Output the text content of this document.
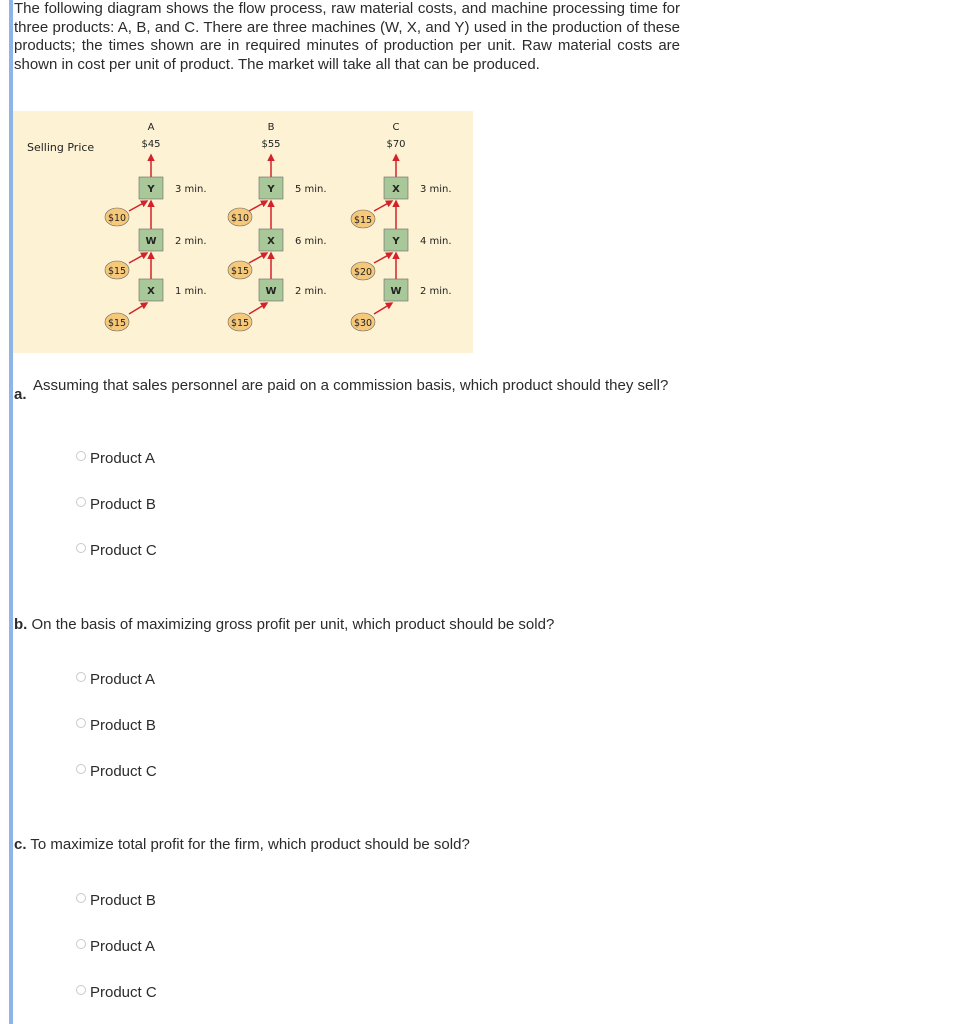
The following diagram shows the flow process, raw material costs, and machine processing time for three products: A, B, and C. There are three machines (W, X, and Y) used in the production of these products; the times shown are in required minutes of production per unit. Raw material costs are shown in cost per unit of product. The market will take all that can be produced.
Selling Price
A
$45
Y 3 min.
W 2 min.
X 1 min.
$10
$15
$15
B
$55
Y 5 min.
X 6 min.
W 2 min.
$10
$15
$15
C
$70
X 3 min.
Y 4 min.
W 2 min.
$15
$20
$30
a.
Assuming that sales personnel are paid on a commission basis, which product should they sell?
Product A
Product B
Product C
b. On the basis of maximizing gross profit per unit, which product should be sold?
Product A
Product B
Product C
c. To maximize total profit for the firm, which product should be sold?
Product B
Product A
Product C
